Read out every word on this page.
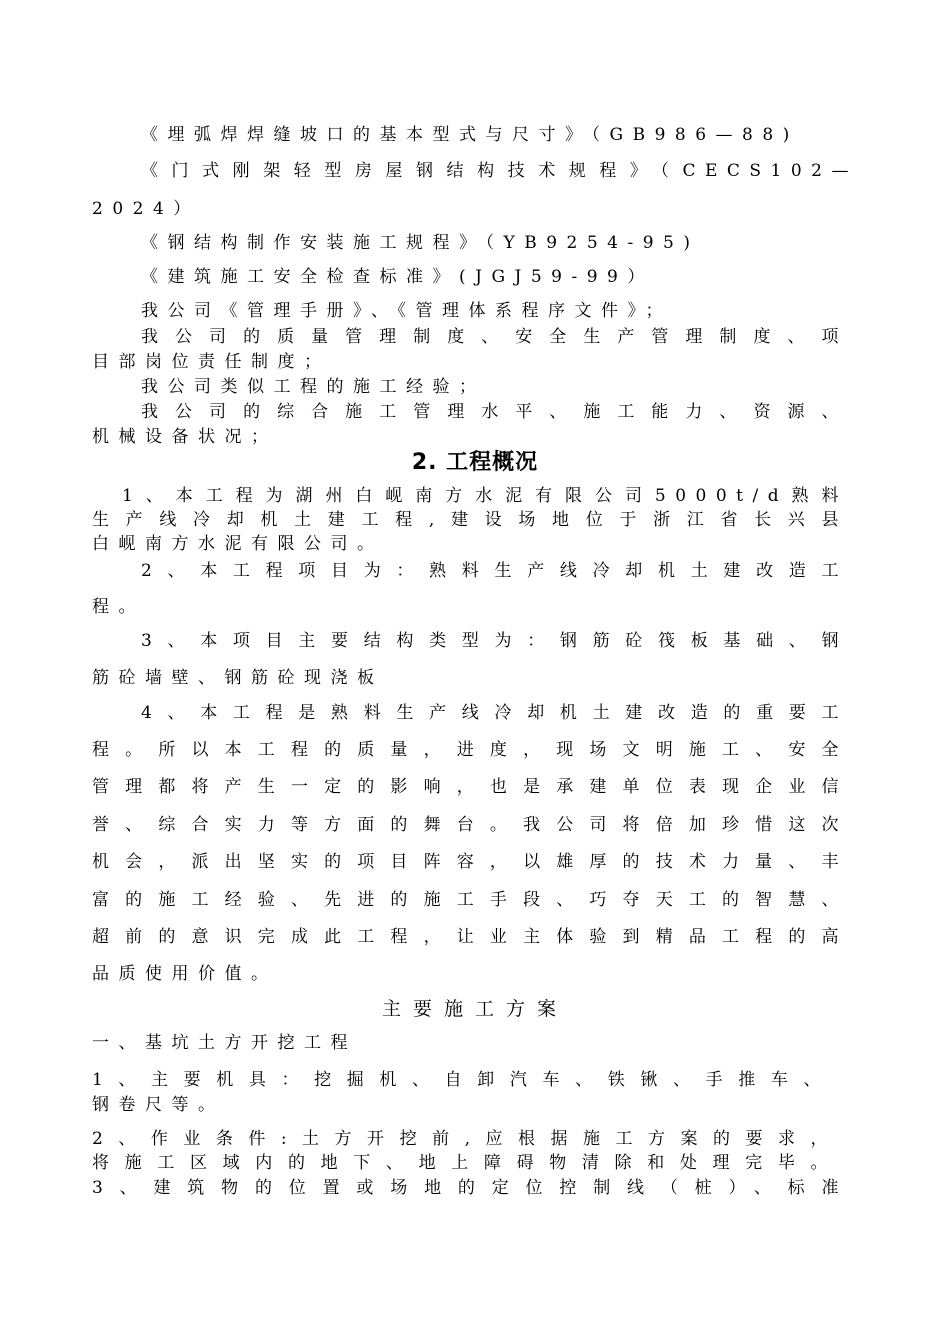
《埋弧焊焊缝坡口的基本型式与尺寸》（GB986—88)
《门式刚架轻型房屋钢结构技术规程》（CECS102—
2024）
《钢结构制作安装施工规程》（YB9254-95)
《建筑施工安全检查标准》(JGJ59-99）
我公司《管理手册》、《管理体系程序文件》；
我公司的质量管理制度、安全生产管理制度、项
目部岗位责任制度；
我公司类似工程的施工经验；
我公司的综合施工管理水平、施工能力、资源、
机械设备状况；
2. 工程概况
1、本工程为湖州白岘南方水泥有限公司5000t/d熟料
生产线冷却机土建工程,建设场地位于浙江省长兴县
白岘南方水泥有限公司。
2、本工程项目为：熟料生产线冷却机土建改造工
程。
3、本项目主要结构类型为：钢筋砼筏板基础、钢
筋砼墙壁、钢筋砼现浇板
4、本工程是熟料生产线冷却机土建改造的重要工
程。所以本工程的质量，进度，现场文明施工、安全
管理都将产生一定的影响，也是承建单位表现企业信
誉、综合实力等方面的舞台。我公司将倍加珍惜这次
机会，派出坚实的项目阵容，以雄厚的技术力量、丰
富的施工经验、先进的施工手段、巧夺天工的智慧、
超前的意识完成此工程，让业主体验到精品工程的高
品质使用价值。
主要施工方案
一、基坑土方开挖工程
1、主要机具：挖掘机、自卸汽车、铁锹、手推车、
钢卷尺等。
2、作业条件:土方开挖前,应根据施工方案的要求，
将施工区域内的地下、地上障碍物清除和处理完毕。
3、建筑物的位置或场地的定位控制线（桩）、标准
